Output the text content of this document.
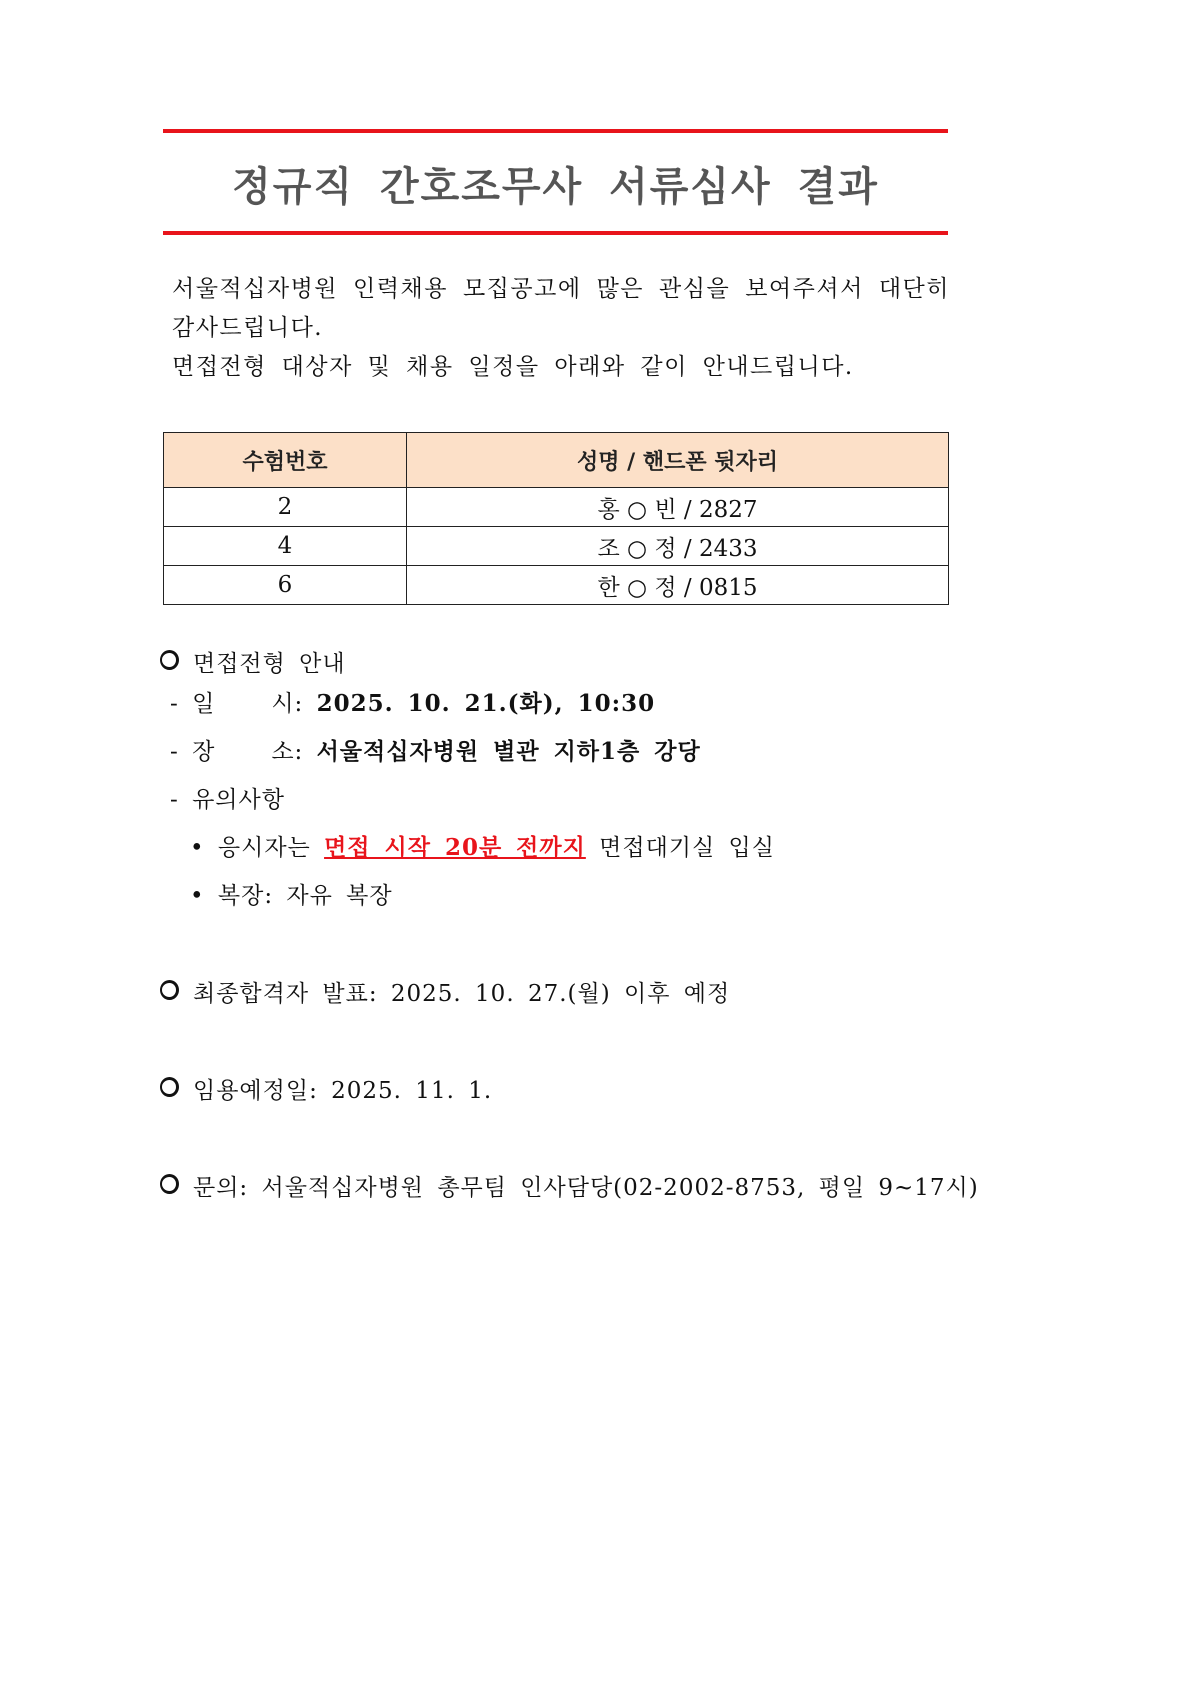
정규직 간호조무사 서류심사 결과

서울적십자병원 인력채용 모집공고에 많은 관심을 보여주셔서 대단히 감사드립니다.

면접전형 대상자 및 채용 일정을 아래와 같이 안내드립니다.

수험번호	성명 / 핸드폰 뒷자리
2	홍 ○ 빈 / 2827
4	조 ○ 정 / 2433
6	한 ○ 정 / 0815
면접전형 안내
- 일 시: 2025. 10. 21.(화), 10:30
- 장 소: 서울적십자병원 별관 지하1층 강당
- 유의사항
• 응시자는 면접 시작 20분 전까지 면접대기실 입실
• 복장: 자유 복장
최종합격자 발표: 2025. 10. 27.(월) 이후 예정
임용예정일: 2025. 11. 1.
문의: 서울적십자병원 총무팀 인사담당(02-2002-8753, 평일 9~17시)
